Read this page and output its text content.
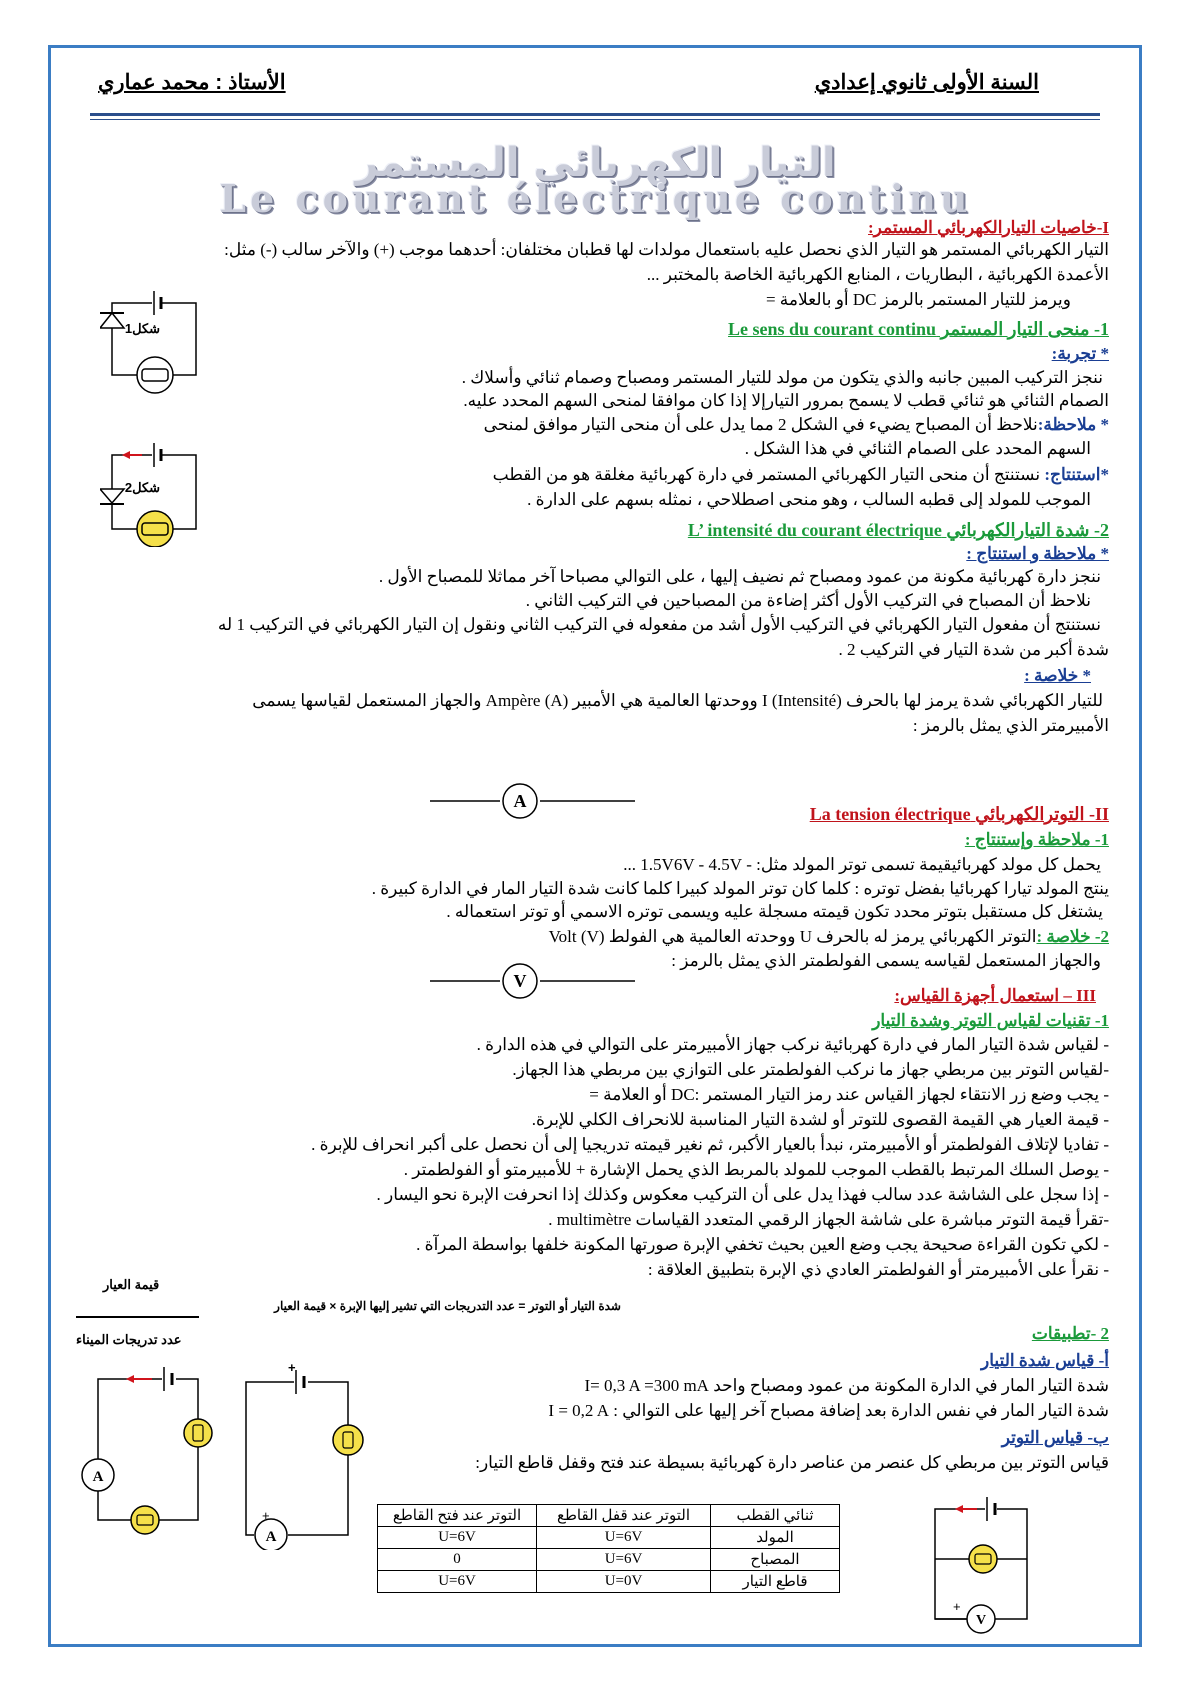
السنة الأولى ثانوي إعدادي
الأستاذ : محمد عماري
التيار الكهربائي المستمر
Le courant électrique continu
I-خاصيات التيارالكهربائي المستمر:
التيار الكهربائي المستمر هو التيار الذي نحصل عليه باستعمال مولدات لها قطبان مختلفان: أحدهما موجب (+) والآخر سالب (-) مثل:
الأعمدة الكهربائية ، البطاريات ، المنابع الكهربائية الخاصة بالمختبر ...
ويرمز للتيار المستمر بالرمز DC أو بالعلامة =
1- منحى التيار المستمر Le sens du courant continu
* تجربة:
ننجز التركيب المبين جانبه والذي يتكون من مولد للتيار المستمر ومصباح وصمام ثنائي وأسلاك .
الصمام الثنائي هو ثنائي قطب لا يسمح بمرور التيارإلا إذا كان موافقا لمنحى السهم المحدد عليه.
* ملاحظة:نلاحظ أن المصباح يضيء في الشكل 2 مما يدل على أن منحى التيار موافق لمنحى
السهم المحدد على الصمام الثنائي في هذا الشكل .
*استنتاج: نستنتج أن منحى التيار الكهربائي المستمر في دارة كهربائية مغلقة هو من القطب
الموجب للمولد إلى قطبه السالب ، وهو منحى اصطلاحي ، نمثله بسهم على الدارة .
2- شدة التيارالكهربائي L’ intensité du courant électrique
* ملاحظة و استنتاج :
ننجز دارة كهربائية مكونة من عمود ومصباح ثم نضيف إليها ، على التوالي مصباحا آخر مماثلا للمصباح الأول .
نلاحظ أن المصباح في التركيب الأول أكثر إضاءة من المصباحين في التركيب الثاني .
نستنتج أن مفعول التيار الكهربائي في التركيب الأول أشد من مفعوله في التركيب الثاني ونقول إن التيار الكهربائي في التركيب 1 له
شدة أكبر من شدة التيار في التركيب 2 .
* خلاصة :
للتيار الكهربائي شدة يرمز لها بالحرف (Intensité) I ووحدتها العالمية هي الأمبير (A) Ampère والجهاز المستعمل لقياسها يسمى
الأمبيرمتر الذي يمثل بالرمز :
A
II- التوترالكهربائي La tension électrique
1- ملاحظة وإستنتاج :
يحمل كل مولد كهربائيقيمة تسمى توتر المولد مثل: - 1.5V6V - 4.5V ...
ينتج المولد تيارا كهربائيا بفضل توتره : كلما كان توتر المولد كبيرا كلما كانت شدة التيار المار في الدارة كبيرة .
يشتغل كل مستقبل بتوتر محدد تكون قيمته مسجلة عليه ويسمى توتره الاسمي أو توتر استعماله .
2- خلاصة :التوتر الكهربائي يرمز له بالحرف U ووحدته العالمية هي الفولط (V) Volt
والجهاز المستعمل لقياسه يسمى الفولطمتر الذي يمثل بالرمز :
V
III – استعمال أجهزة القياس:
1- تقنيات لقياس التوتر وشدة التيار
- لقياس شدة التيار المار في دارة كهربائية نركب جهاز الأمبيرمتر على التوالي في هذه الدارة .
-لقياس التوتر بين مربطي جهاز ما نركب الفولطمتر على التوازي بين مربطي هذا الجهاز.
- يجب وضع زر الانتقاء لجهاز القياس عند رمز التيار المستمر :DC أو العلامة =
- قيمة العيار هي القيمة القصوى للتوتر أو لشدة التيار المناسبة للانحراف الكلي للإبرة.
- تفاديا لإتلاف الفولطمتر أو الأمبيرمتر، نبدأ بالعيار الأكبر، ثم نغير قيمته تدريجيا إلى أن نحصل على أكبر انحراف للإبرة .
- يوصل السلك المرتبط بالقطب الموجب للمولد بالمربط الذي يحمل الإشارة + للأمبيرمتو أو الفولطمتر .
- إذا سجل على الشاشة عدد سالب فهذا يدل على أن التركيب معكوس وكذلك إذا انحرفت الإبرة نحو اليسار .
-تقرأ قيمة التوتر مباشرة على شاشة الجهاز الرقمي المتعدد القياسات multimètre .
- لكي تكون القراءة صحيحة يجب وضع العين بحيث تخفي الإبرة صورتها المكونة خلفها بواسطة المرآة .
- نقرأ على الأمبيرمتر أو الفولطمتر العادي ذي الإبرة بتطبيق العلاقة :
شدة التيار أو التوتر = عدد التدريجات التي تشير إليها الإبرة × قيمة العيار
قيمة العيار
عدد تدريجات الميناء	2 -تطبيقات
أ- قياس شدة التيار
شدة التيار المار في الدارة المكونة من عمود ومصباح واحد I= 0,3 A =300 mA
شدة التيار المار في نفس الدارة بعد إضافة مصباح آخر إليها على التوالي : I = 0,2 A
ب- قياس التوتر
قياس التوتر بين مربطي كل عنصر من عناصر دارة كهربائية بسيطة عند فتح وقفل قاطع التيار:
ثنائي القطب	التوتر عند قفل القاطع	التوتر عند فتح القاطع
المولد	U=6V	U=6V
المصباح	U=6V	0
قاطع التيار	U=0V	U=6V
شكل1
شكل2
A
+
A
+
V
+
